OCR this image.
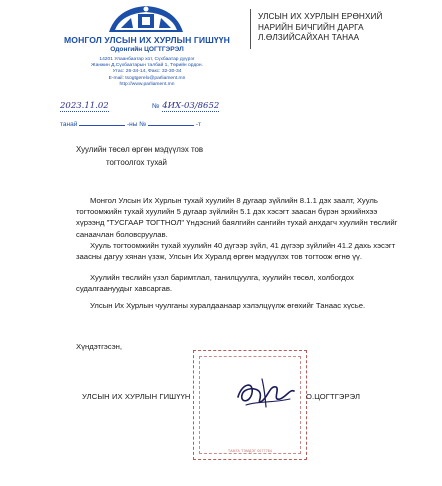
МОНГОЛ УЛСЫН ИХ ХУРЛЫН ГИШҮҮН
Одонгийн ЦОГТГЭРЭЛ
14201 Улаанбаатар хот, Сүхбаатар дүүрэг
Жанжин Д.Сүхбаатарын талбай 1, Төрийн ордон.
Утас: 26-34-14, Факс: 32-30-34
E-mail: tsogtgerelo@parliament.mn
http://www.parliament.mn
2023.11.02	№ 4ИХ-03/8652
танай	-ны №	-т
УЛСЫН ИХ ХУРЛЫН ЕРӨНХИЙ
НАРИЙН БИЧГИЙН ДАРГА
Л.ӨЛЗИЙСАЙХАН ТАНАА
Хуулийн төсөл өргөн мэдүүлэх тов
тогтоолгох тухай
Монгол Улсын Их Хурлын тухай хуулийн 8 дугаар зүйлийн 8.1.1 дэх заалт, Хууль тогтоомжийн тухай хуулийн 5 дугаар зүйлийн 5.1 дэх хэсэгт заасан бүрэн эрхийнхээ хүрээнд "ТУСГААР ТОГТНОЛ" Үндэсний баялгийн сангийн тухай анхдагч хуулийн төслийг санаачлан боловсруулав.
Хууль тогтоомжийн тухай хуулийн 40 дүгээр зүйл, 41 дүгээр зүйлийн 41.2 дахь хэсэгт заасны дагуу хянан үзэж, Улсын Их Хуралд өргөн мэдүүлэх тов тогтоож өгнө үү.
Хуулийн төслийн үзэл баримтлал, танилцуулга, хуулийн төсөл, холбогдох судалгаануудыг хавсаргав.
Улсын Их Хурлын чуулганы хуралдаанаар хэлэлцүүлж өгөхийг Танаас хүсье.
Хүндэтгэсэн,
ТАМГА ТЭМДЭГ 0077784
УЛСЫН ИХ ХУРЛЫН ГИШҮҮН	О.ЦОГТГЭРЭЛ
